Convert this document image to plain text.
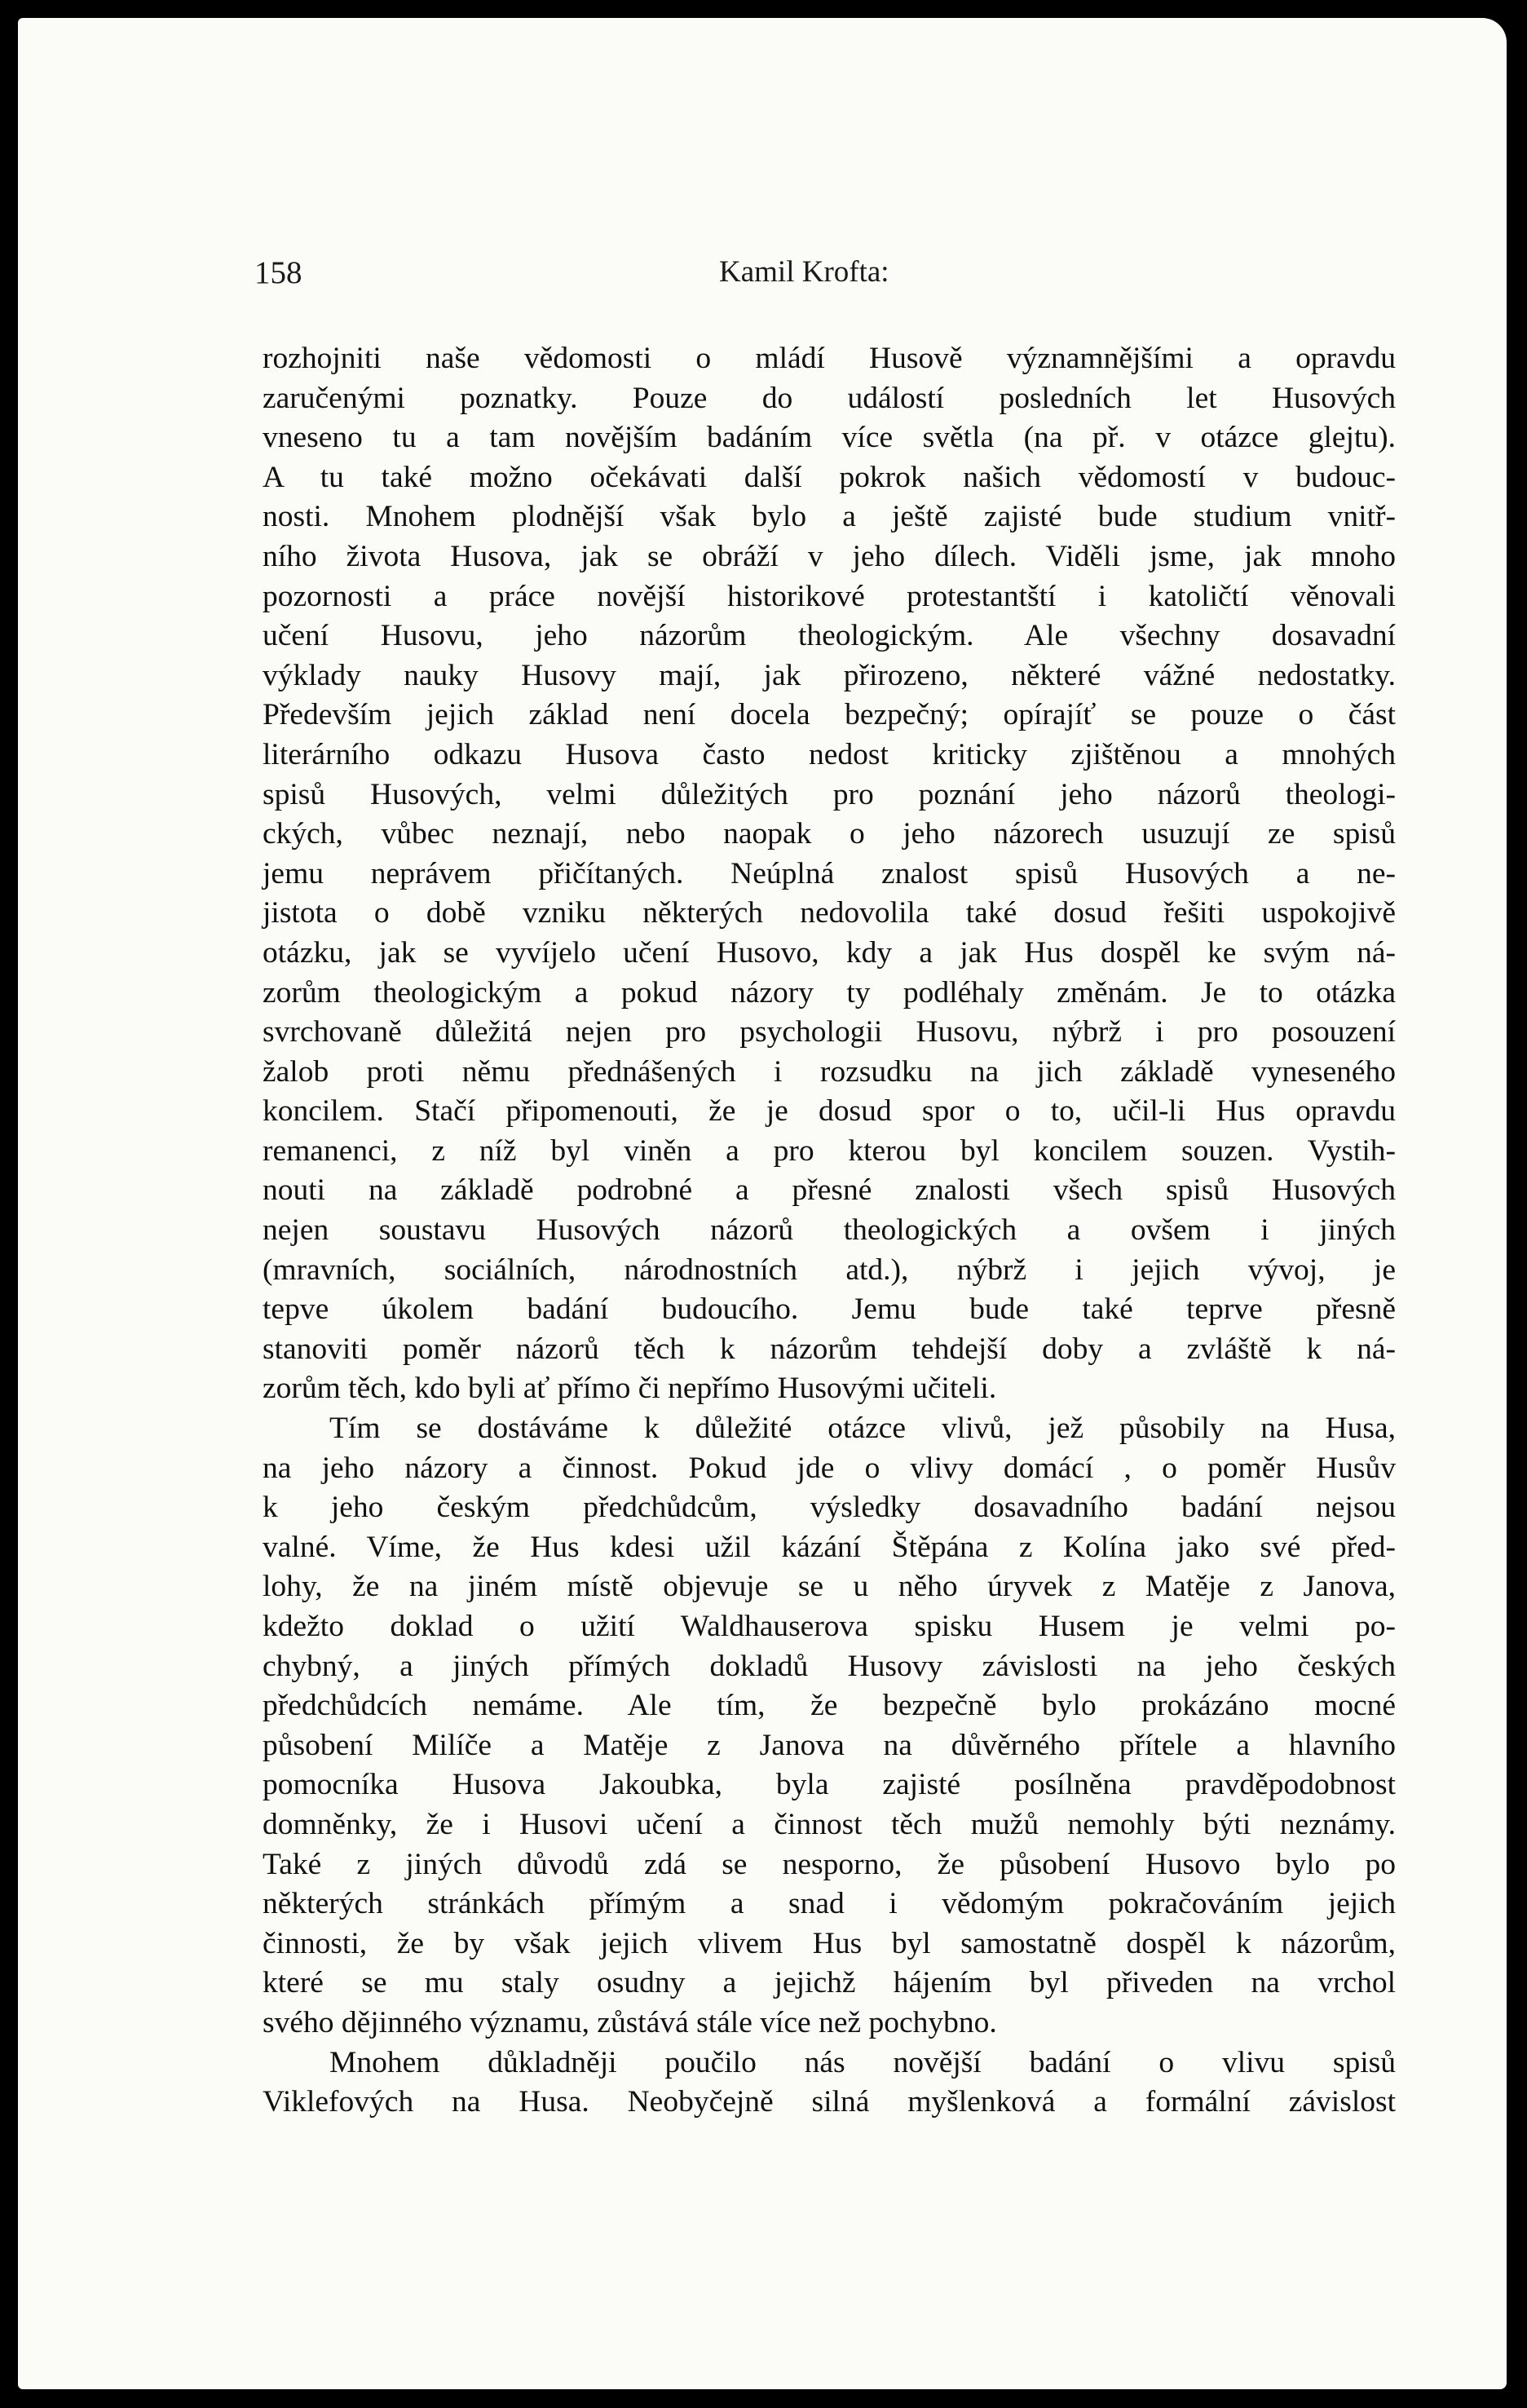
158	Kamil Krofta:
rozhojniti naše vědomosti o mládí Husově významnějšími a opravdu
zaručenými poznatky. Pouze do událostí posledních let Husových
vneseno tu a tam novějším badáním více světla (na př. v otázce glejtu).
A tu také možno očekávati další pokrok našich vědomostí v budouc-
nosti. Mnohem plodnější však bylo a ještě zajisté bude studium vnitř-
ního života Husova, jak se obráží v jeho dílech. Viděli jsme, jak mnoho
pozornosti a práce novější historikové protestantští i katoličtí věnovali
učení Husovu, jeho názorům theologickým. Ale všechny dosavadní
výklady nauky Husovy mají, jak přirozeno, některé vážné nedostatky.
Především jejich základ není docela bezpečný; opírajíť se pouze o část
literárního odkazu Husova často nedost kriticky zjištěnou a mnohých
spisů Husových, velmi důležitých pro poznání jeho názorů theologi-
ckých, vůbec neznají, nebo naopak o jeho názorech usuzují ze spisů
jemu neprávem přičítaných. Neúplná znalost spisů Husových a ne-
jistota o době vzniku některých nedovolila také dosud řešiti uspokojivě
otázku, jak se vyvíjelo učení Husovo, kdy a jak Hus dospěl ke svým ná-
zorům theologickým a pokud názory ty podléhaly změnám. Je to otázka
svrchovaně důležitá nejen pro psychologii Husovu, nýbrž i pro posouzení
žalob proti němu přednášených i rozsudku na jich základě vyneseného
koncilem. Stačí připomenouti, že je dosud spor o to, učil-li Hus opravdu
remanenci, z níž byl viněn a pro kterou byl koncilem souzen. Vystih-
nouti na základě podrobné a přesné znalosti všech spisů Husových
nejen soustavu Husových názorů theologických a ovšem i jiných
(mravních, sociálních, národnostních atd.), nýbrž i jejich vývoj, je
tepve úkolem badání budoucího. Jemu bude také teprve přesně
stanoviti poměr názorů těch k názorům tehdejší doby a zvláště k ná-
zorům těch, kdo byli ať přímo či nepřímo Husovými učiteli.
Tím se dostáváme k důležité otázce vlivů, jež působily na Husa,
na jeho názory a činnost. Pokud jde o vlivy domácí , o poměr Husův
k jeho českým předchůdcům, výsledky dosavadního badání nejsou
valné. Víme, že Hus kdesi užil kázání Štěpána z Kolína jako své před-
lohy, že na jiném místě objevuje se u něho úryvek z Matěje z Janova,
kdežto doklad o užití Waldhauserova spisku Husem je velmi po-
chybný, a jiných přímých dokladů Husovy závislosti na jeho českých
předchůdcích nemáme. Ale tím, že bezpečně bylo prokázáno mocné
působení Milíče a Matěje z Janova na důvěrného přítele a hlavního
pomocníka Husova Jakoubka, byla zajisté posílněna pravděpodobnost
domněnky, že i Husovi učení a činnost těch mužů nemohly býti neznámy.
Také z jiných důvodů zdá se nesporno, že působení Husovo bylo po
některých stránkách přímým a snad i vědomým pokračováním jejich
činnosti, že by však jejich vlivem Hus byl samostatně dospěl k názorům,
které se mu staly osudny a jejichž hájením byl přiveden na vrchol
svého dějinného významu, zůstává stále více než pochybno.
Mnohem důkladněji poučilo nás novější badání o vlivu spisů
Viklefových na Husa. Neobyčejně silná myšlenková a formální závislost
